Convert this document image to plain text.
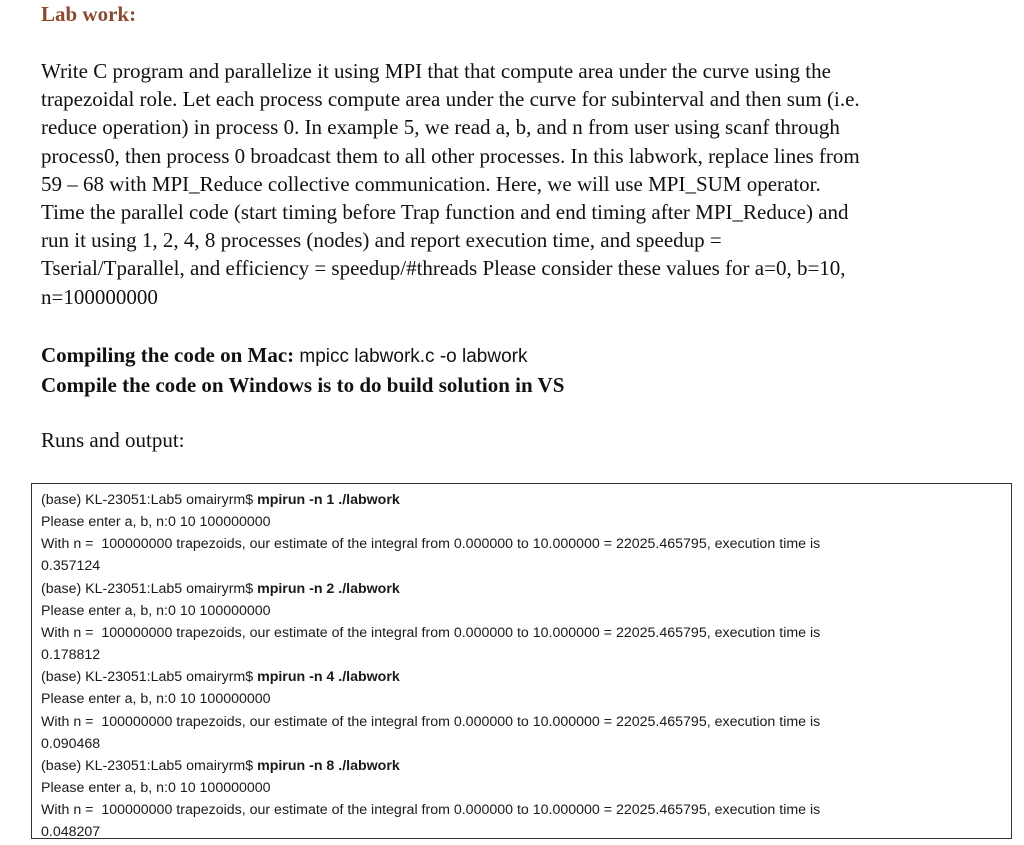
Lab work:

Write C program and parallelize it using MPI that that compute area under the curve using the
trapezoidal role. Let each process compute area under the curve for subinterval and then sum (i.e.
reduce operation) in process 0. In example 5, we read a, b, and n from user using scanf through
process0, then process 0 broadcast them to all other processes. In this labwork, replace lines from
59 – 68 with MPI_Reduce collective communication. Here, we will use MPI_SUM operator.
Time the parallel code (start timing before Trap function and end timing after MPI_Reduce) and
run it using 1, 2, 4, 8 processes (nodes) and report execution time, and speedup =
Tserial/Tparallel, and efficiency = speedup/#threads Please consider these values for a=0, b=10,
n=100000000

Compiling the code on Mac: mpicc labwork.c -o labwork
Compile the code on Windows is to do build solution in VS

Runs and output:

(base) KL-23051:Lab5 omairyrm$ mpirun -n 1 ./labwork
Please enter a, b, n:0 10 100000000
With n =  100000000 trapezoids, our estimate of the integral from 0.000000 to 10.000000 = 22025.465795, execution time is
0.357124
(base) KL-23051:Lab5 omairyrm$ mpirun -n 2 ./labwork
Please enter a, b, n:0 10 100000000
With n =  100000000 trapezoids, our estimate of the integral from 0.000000 to 10.000000 = 22025.465795, execution time is
0.178812
(base) KL-23051:Lab5 omairyrm$ mpirun -n 4 ./labwork
Please enter a, b, n:0 10 100000000
With n =  100000000 trapezoids, our estimate of the integral from 0.000000 to 10.000000 = 22025.465795, execution time is
0.090468
(base) KL-23051:Lab5 omairyrm$ mpirun -n 8 ./labwork
Please enter a, b, n:0 10 100000000
With n =  100000000 trapezoids, our estimate of the integral from 0.000000 to 10.000000 = 22025.465795, execution time is
0.048207
